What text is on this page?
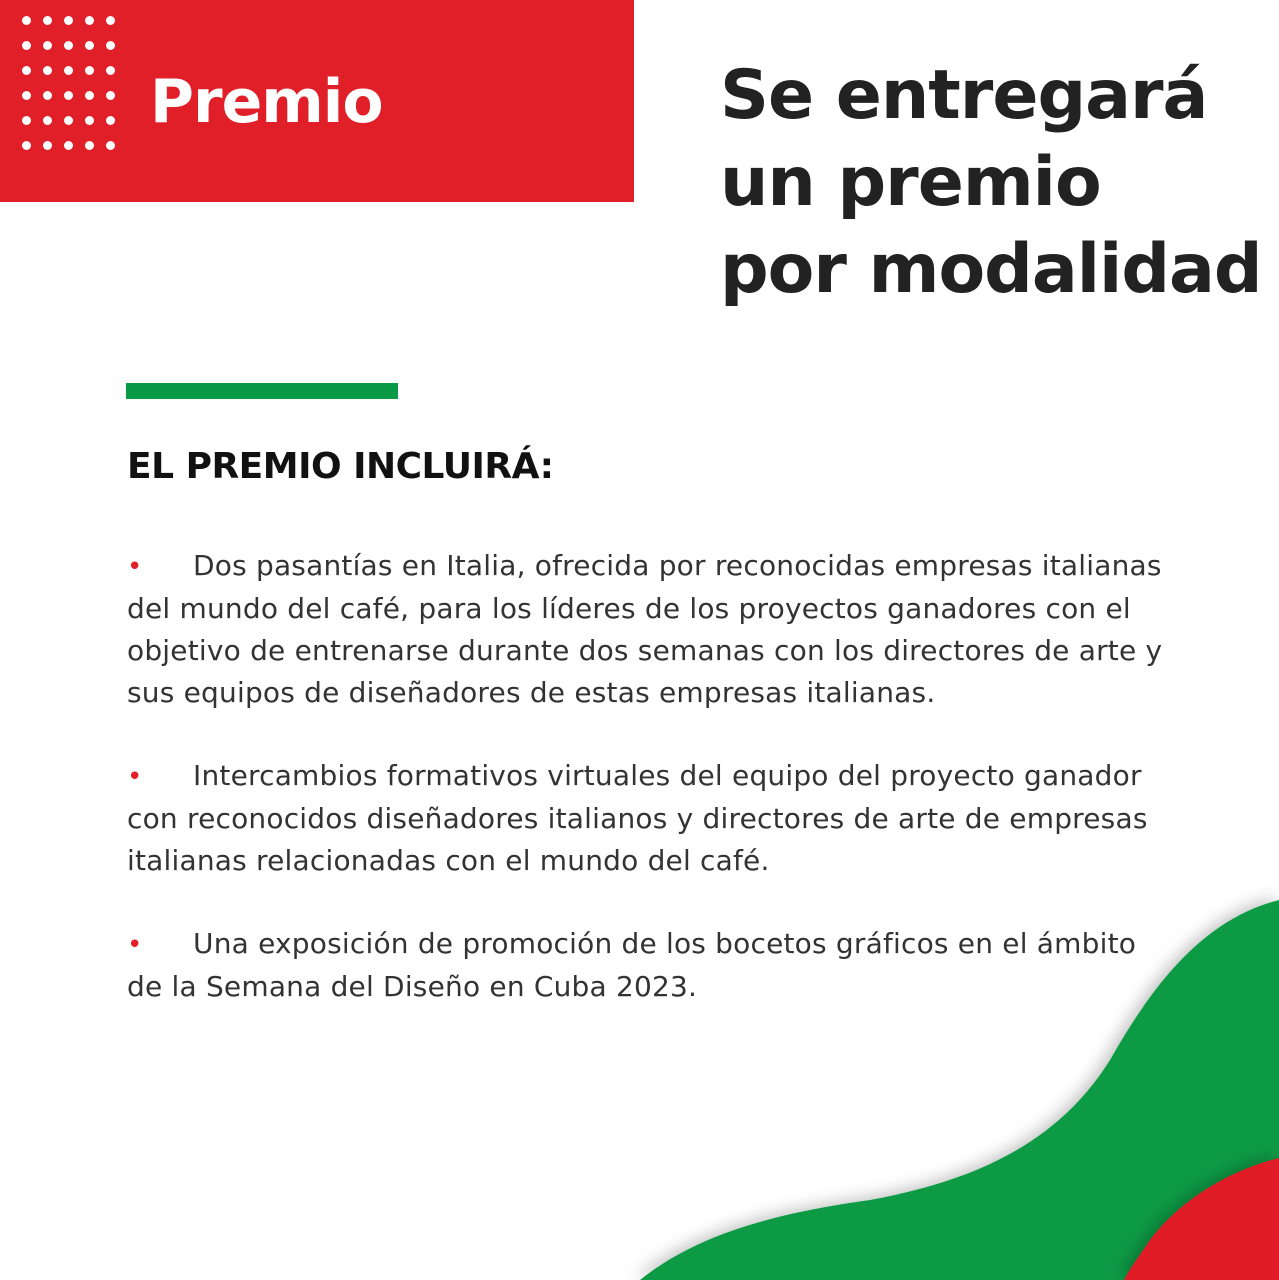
Premio	Se entregará
un premio
por modalidad
EL PREMIO INCLUIRÁ:
• Dos pasantías en Italia, ofrecida por reconocidas empresas italianas del mundo del café, para los líderes de los proyectos ganadores con el objetivo de entrenarse durante dos semanas con los directores de arte y sus equipos de diseñadores de estas empresas italianas.
• Intercambios formativos virtuales del equipo del proyecto ganador con reconocidos diseñadores italianos y directores de arte de empresas italianas relacionadas con el mundo del café.
• Una exposición de promoción de los bocetos gráficos en el ámbito de la Semana del Diseño en Cuba 2023.
